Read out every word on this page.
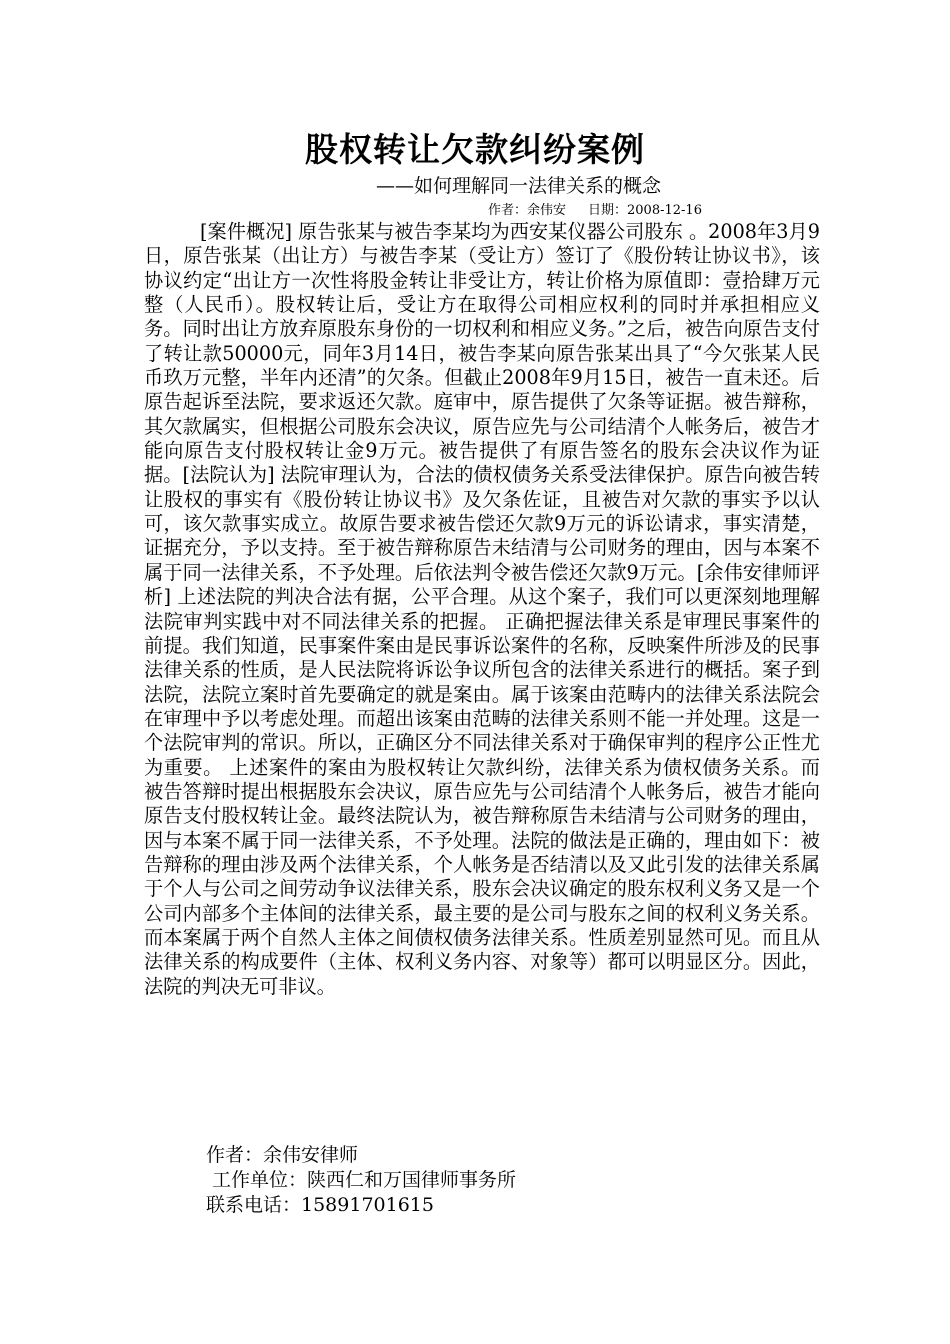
股权转让欠款纠纷案例

——如何理解同一法律关系的概念

作者：余伟安 日期：2008-12-16

[案件概况] 原告张某与被告李某均为西安某仪器公司股东 。2008年3月9日，原告张某（出让方）与被告李某（受让方）签订了《股份转让协议书》，该协议约定“出让方一次性将股金转让非受让方，转让价格为原值即：壹拾肆万元整（人民币）。股权转让后，受让方在取得公司相应权利的同时并承担相应义务。同时出让方放弃原股东身份的一切权利和相应义务。”之后，被告向原告支付了转让款50000元，同年3月14日，被告李某向原告张某出具了“今欠张某人民币玖万元整，半年内还清”的欠条。但截止2008年9月15日，被告一直未还。后原告起诉至法院，要求返还欠款。庭审中，原告提供了欠条等证据。被告辩称，其欠款属实，但根据公司股东会决议，原告应先与公司结清个人帐务后，被告才能向原告支付股权转让金9万元。被告提供了有原告签名的股东会决议作为证据。[法院认为] 法院审理认为，合法的债权债务关系受法律保护。原告向被告转让股权的事实有《股份转让协议书》及欠条佐证，且被告对欠款的事实予以认可，该欠款事实成立。故原告要求被告偿还欠款9万元的诉讼请求，事实清楚，证据充分，予以支持。至于被告辩称原告未结清与公司财务的理由，因与本案不属于同一法律关系，不予处理。后依法判令被告偿还欠款9万元。[余伟安律师评析] 上述法院的判决合法有据，公平合理。从这个案子，我们可以更深刻地理解法院审判实践中对不同法律关系的把握。 正确把握法律关系是审理民事案件的前提。我们知道，民事案件案由是民事诉讼案件的名称，反映案件所涉及的民事法律关系的性质，是人民法院将诉讼争议所包含的法律关系进行的概括。案子到法院，法院立案时首先要确定的就是案由。属于该案由范畴内的法律关系法院会在审理中予以考虑处理。而超出该案由范畴的法律关系则不能一并处理。这是一个法院审判的常识。所以，正确区分不同法律关系对于确保审判的程序公正性尤为重要。 上述案件的案由为股权转让欠款纠纷，法律关系为债权债务关系。而被告答辩时提出根据股东会决议，原告应先与公司结清个人帐务后，被告才能向原告支付股权转让金。最终法院认为，被告辩称原告未结清与公司财务的理由，因与本案不属于同一法律关系，不予处理。法院的做法是正确的，理由如下：被告辩称的理由涉及两个法律关系，个人帐务是否结清以及又此引发的法律关系属于个人与公司之间劳动争议法律关系，股东会决议确定的股东权利义务又是一个公司内部多个主体间的法律关系，最主要的是公司与股东之间的权利义务关系。而本案属于两个自然人主体之间债权债务法律关系。性质差别显然可见。而且从法律关系的构成要件（主体、权利义务内容、对象等）都可以明显区分。因此，法院的判决无可非议。

作者：余伟安律师

工作单位：陕西仁和万国律师事务所

联系电话：15891701615
